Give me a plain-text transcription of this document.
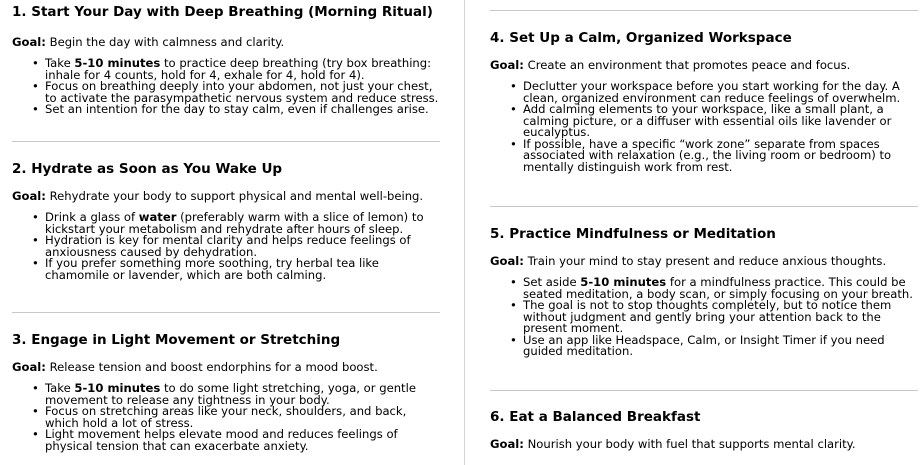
1. Start Your Day with Deep Breathing (Morning Ritual)

Goal: Begin the day with calmness and clarity.

• Take 5-10 minutes to practice deep breathing (try box breathing:
inhale for 4 counts, hold for 4, exhale for 4, hold for 4).
• Focus on breathing deeply into your abdomen, not just your chest,
to activate the parasympathetic nervous system and reduce stress.
• Set an intention for the day to stay calm, even if challenges arise.
2. Hydrate as Soon as You Wake Up

Goal: Rehydrate your body to support physical and mental well-being.

• Drink a glass of water (preferably warm with a slice of lemon) to
kickstart your metabolism and rehydrate after hours of sleep.
• Hydration is key for mental clarity and helps reduce feelings of
anxiousness caused by dehydration.
• If you prefer something more soothing, try herbal tea like
chamomile or lavender, which are both calming.
3. Engage in Light Movement or Stretching

Goal: Release tension and boost endorphins for a mood boost.

• Take 5-10 minutes to do some light stretching, yoga, or gentle
movement to release any tightness in your body.
• Focus on stretching areas like your neck, shoulders, and back,
which hold a lot of stress.
• Light movement helps elevate mood and reduces feelings of
physical tension that can exacerbate anxiety.
4. Set Up a Calm, Organized Workspace

Goal: Create an environment that promotes peace and focus.

• Declutter your workspace before you start working for the day. A
clean, organized environment can reduce feelings of overwhelm.
• Add calming elements to your workspace, like a small plant, a
calming picture, or a diffuser with essential oils like lavender or
eucalyptus.
• If possible, have a specific “work zone” separate from spaces
associated with relaxation (e.g., the living room or bedroom) to
mentally distinguish work from rest.
5. Practice Mindfulness or Meditation

Goal: Train your mind to stay present and reduce anxious thoughts.

• Set aside 5-10 minutes for a mindfulness practice. This could be
seated meditation, a body scan, or simply focusing on your breath.
• The goal is not to stop thoughts completely, but to notice them
without judgment and gently bring your attention back to the
present moment.
• Use an app like Headspace, Calm, or Insight Timer if you need
guided meditation.
6. Eat a Balanced Breakfast

Goal: Nourish your body with fuel that supports mental clarity.
